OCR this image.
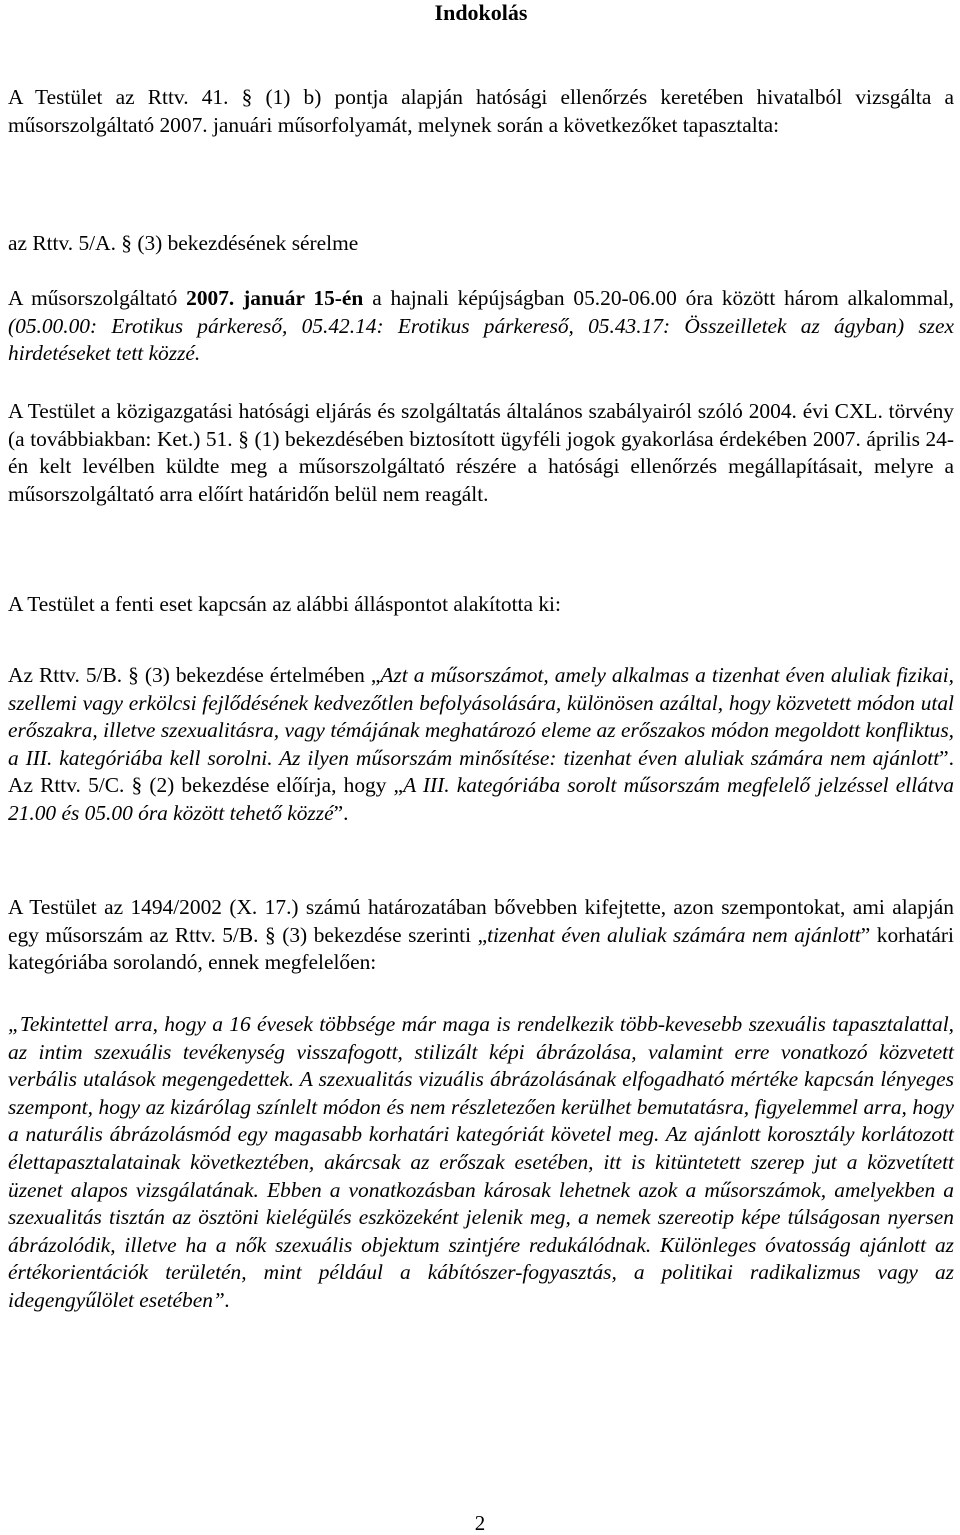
Indokolás

A Testület az Rttv. 41. § (1) b) pontja alapján hatósági ellenőrzés keretében hivatalból vizsgálta a műsorszolgáltató 2007. januári műsorfolyamát, melynek során a következőket tapasztalta:

az Rttv. 5/A. § (3) bekezdésének sérelme

A műsorszolgáltató 2007. január 15-én a hajnali képújságban 05.20-06.00 óra között három alkalommal, (05.00.00: Erotikus párkereső, 05.42.14: Erotikus párkereső, 05.43.17: Összeilletek az ágyban) szex hirdetéseket tett közzé.

A Testület a közigazgatási hatósági eljárás és szolgáltatás általános szabályairól szóló 2004. évi CXL. törvény (a továbbiakban: Ket.) 51. § (1) bekezdésében biztosított ügyféli jogok gyakorlása érdekében 2007. április 24-én kelt levélben küldte meg a műsorszolgáltató részére a hatósági ellenőrzés megállapításait, melyre a műsorszolgáltató arra előírt határidőn belül nem reagált.

A Testület a fenti eset kapcsán az alábbi álláspontot alakította ki:

Az Rttv. 5/B. § (3) bekezdése értelmében „Azt a műsorszámot, amely alkalmas a tizenhat éven aluliak fizikai, szellemi vagy erkölcsi fejlődésének kedvezőtlen befolyásolására, különösen azáltal, hogy közvetett módon utal erőszakra, illetve szexualitásra, vagy témájának meghatározó eleme az erőszakos módon megoldott konfliktus, a III. kategóriába kell sorolni. Az ilyen műsorszám minősítése: tizenhat éven aluliak számára nem ajánlott”. Az Rttv. 5/C. § (2) bekezdése előírja, hogy „A III. kategóriába sorolt műsorszám megfelelő jelzéssel ellátva 21.00 és 05.00 óra között tehető közzé”.

A Testület az 1494/2002 (X. 17.) számú határozatában bővebben kifejtette, azon szempontokat, ami alapján egy műsorszám az Rttv. 5/B. § (3) bekezdése szerinti „tizenhat éven aluliak számára nem ajánlott” korhatári kategóriába sorolandó, ennek megfelelően:

„Tekintettel arra, hogy a 16 évesek többsége már maga is rendelkezik több-kevesebb szexuális tapasztalattal, az intim szexuális tevékenység visszafogott, stilizált képi ábrázolása, valamint erre vonatkozó közvetett verbális utalások megengedettek. A szexualitás vizuális ábrázolásának elfogadható mértéke kapcsán lényeges szempont, hogy az kizárólag színlelt módon és nem részletezően kerülhet bemutatásra, figyelemmel arra, hogy a naturális ábrázolásmód egy magasabb korhatári kategóriát követel meg. Az ajánlott korosztály korlátozott élettapasztalatainak következtében, akárcsak az erőszak esetében, itt is kitüntetett szerep jut a közvetített üzenet alapos vizsgálatának. Ebben a vonatkozásban károsak lehetnek azok a műsorszámok, amelyekben a szexualitás tisztán az ösztöni kielégülés eszközeként jelenik meg, a nemek szereotip képe túlságosan nyersen ábrázolódik, illetve ha a nők szexuális objektum szintjére redukálódnak. Különleges óvatosság ajánlott az értékorientációk területén, mint például a kábítószer-fogyasztás, a politikai radikalizmus vagy az idegengyűlölet esetében”.

2
